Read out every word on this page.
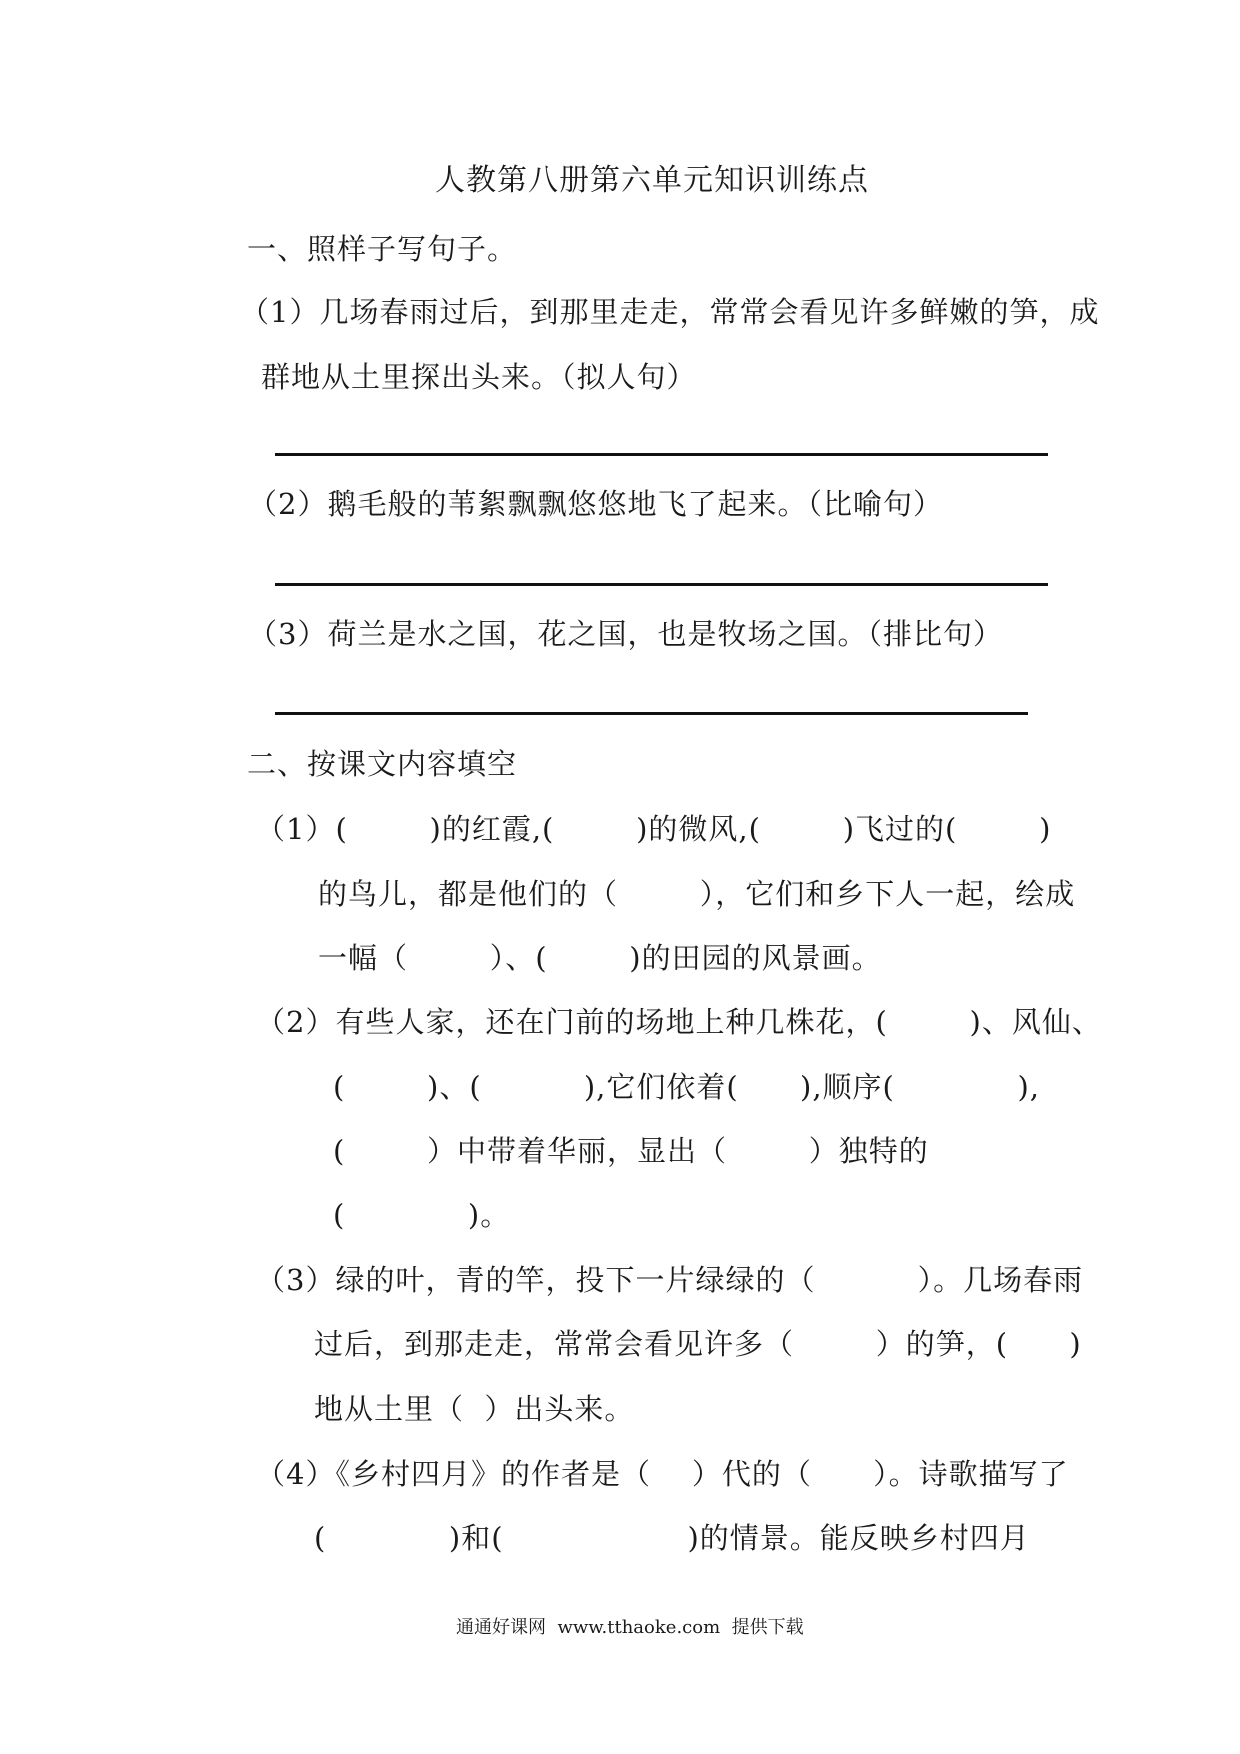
人教第八册第六单元知识训练点
一、照样子写句子。
（1）几场春雨过后，到那里走走，常常会看见许多鲜嫩的笋，成
群地从土里探出头来。（拟人句）
（2）鹅毛般的苇絮飘飘悠悠地飞了起来。（比喻句）
（3）荷兰是水之国，花之国，也是牧场之国。（排比句）
二、按课文内容填空
（1）(        )的红霞,(        )的微风,(        )飞过的(        )
的鸟儿，都是他们的（        ），它们和乡下人一起，绘成
一幅（        ）、(        )的田园的风景画。
（2）有些人家，还在门前的场地上种几株花，(        )、风仙、
(        )、(          ),它们依着(      ),顺序(            ),
(        ）中带着华丽，显出（        ）独特的
(            )。
（3）绿的叶，青的竿，投下一片绿绿的（          ）。几场春雨
过后，到那走走，常常会看见许多（        ）的笋，(      )
地从土里（  ）出头来。
（4）《乡村四月》的作者是（    ）代的（      ）。诗歌描写了
(            )和(                  )的情景。能反映乡村四月
通通好课网  www.tthaoke.com  提供下载
